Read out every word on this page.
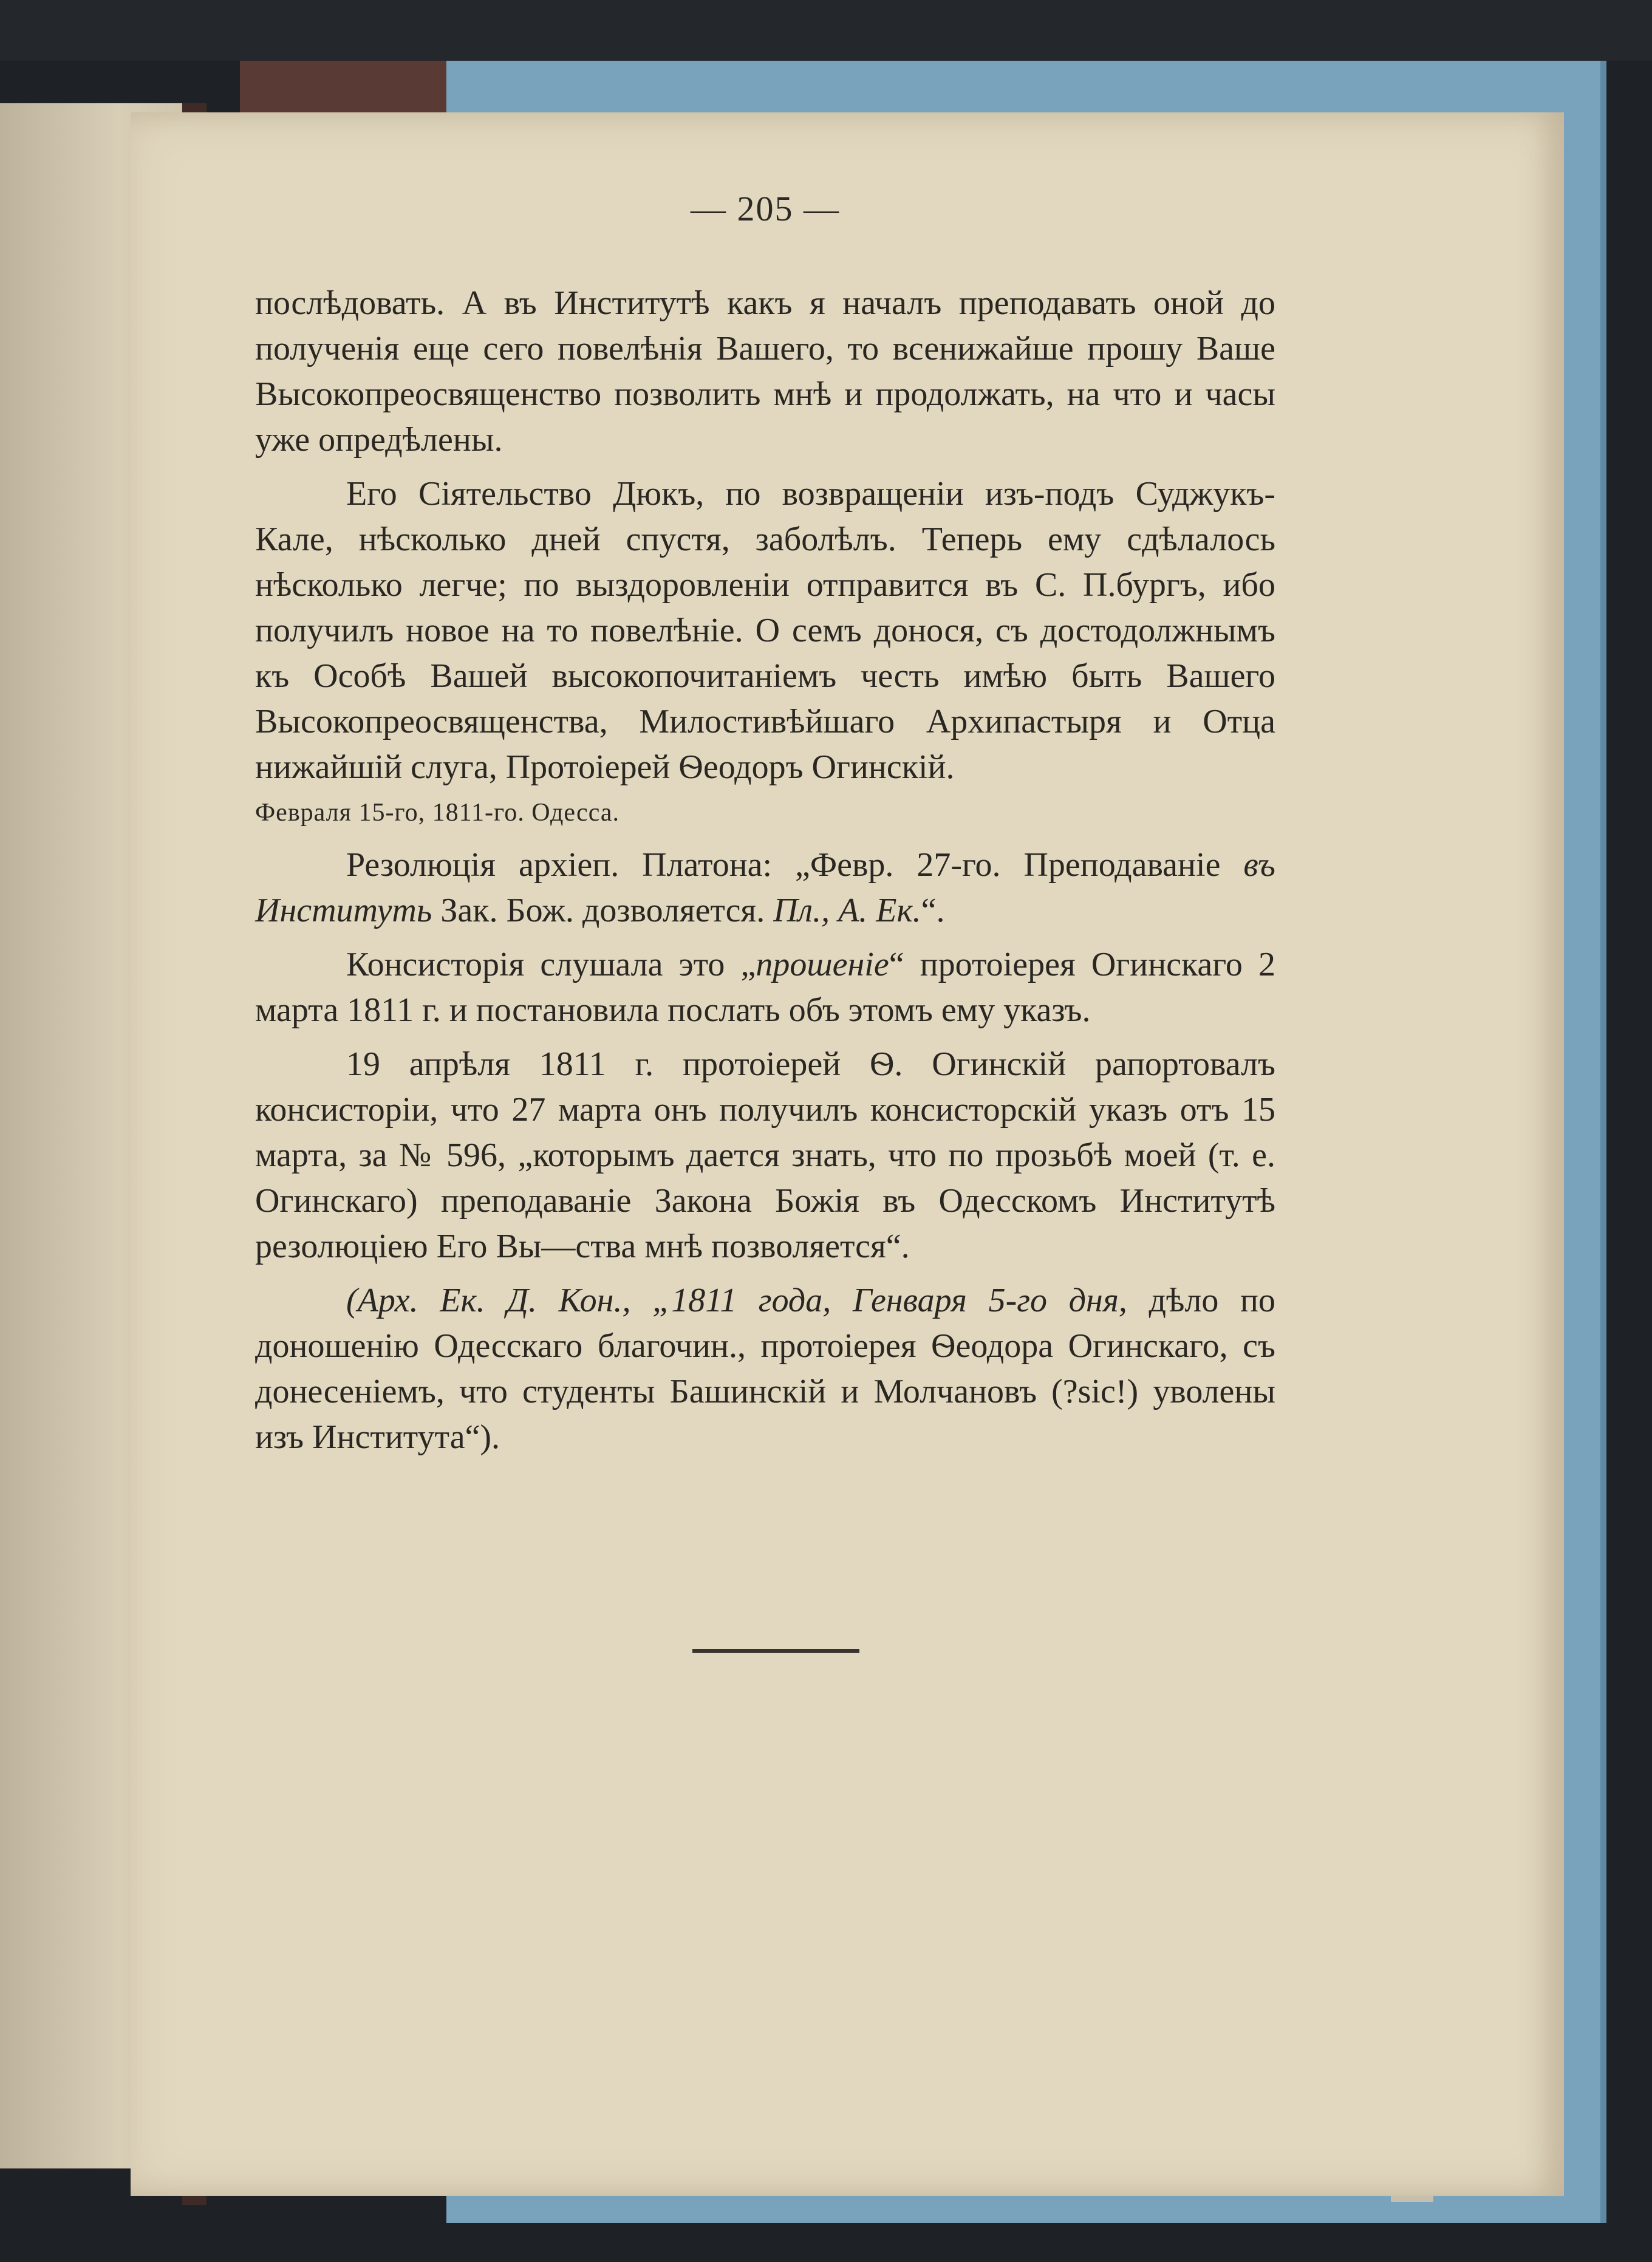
— 205 —

послѣдовать. А въ Институтѣ какъ я началъ преподавать оной до полученія еще сего повелѣнія Вашего, то всенижайше прошу Ваше Высокопреосвященство позволить мнѣ и продолжать, на что и часы уже опредѣлены.

Его Сіятельство Дюкъ, по возвращеніи изъ-подъ Суджукъ-Кале, нѣсколько дней спустя, заболѣлъ. Теперь ему сдѣлалось нѣсколько легче; по выздоровленіи отправится въ С. П.бургъ, ибо получилъ новое на то повелѣніе. О семъ донося, съ достодолжнымъ къ Особѣ Вашей высокопочитаніемъ честь имѣю быть Вашего Высокопреосвященства, Милостивѣйшаго Архипастыря и Отца нижайшій слуга, Протоіерей Ѳеодоръ Огинскій.

Февраля 15-го, 1811-го. Одесса.

Резолюція архіеп. Платона: „Февр. 27-го. Преподаваніе въ Институть Зак. Бож. дозволяется. Пл., А. Ек.“.

Консисторія слушала это „прошеніе“ протоіерея Огинскаго 2 марта 1811 г. и постановила послать объ этомъ ему указъ.

19 апрѣля 1811 г. протоіерей Ѳ. Огинскій рапортовалъ консисторіи, что 27 марта онъ получилъ консисторскій указъ отъ 15 марта, за № 596, „которымъ дается знать, что по прозьбѣ моей (т. е. Огинскаго) преподаваніе Закона Божія въ Одесскомъ Институтѣ резолюціею Его Вы—ства мнѣ позволяется“.

(Арх. Ек. Д. Кон., „1811 года, Генваря 5-го дня, дѣло по доношенію Одесскаго благочин., протоіерея Ѳеодора Огинскаго, съ донесеніемъ, что студенты Башинскій и Молчановъ (?sic!) уволены изъ Института“).
